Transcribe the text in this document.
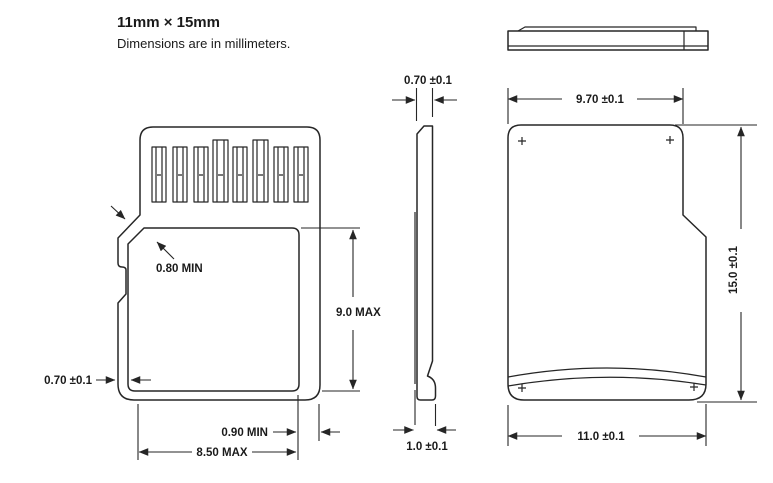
11mm × 15mm
Dimensions are in millimeters.
0.80 MIN
0.70 ±0.1
9.0 MAX
0.90 MIN
8.50 MAX
0.70 ±0.1
1.0 ±0.1
9.70 ±0.1
15.0 ±0.1
11.0 ±0.1
